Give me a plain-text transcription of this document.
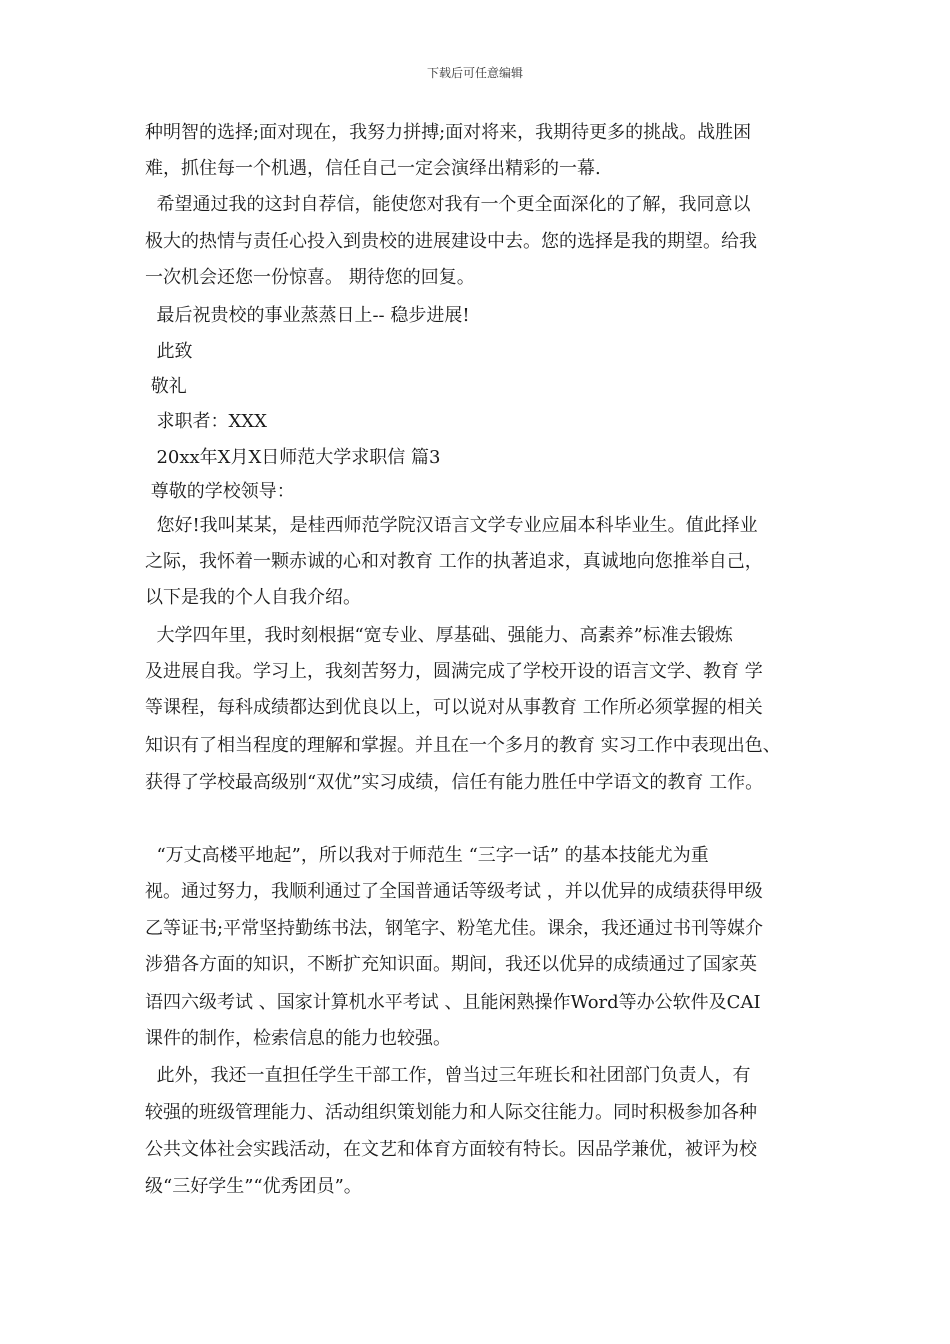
下载后可任意编辑
种明智的选择;面对现在，我努力拼搏;面对将来，我期待更多的挑战。战胜困
难，抓住每一个机遇，信任自己一定会演绎出精彩的一幕.
希望通过我的这封自荐信，能使您对我有一个更全面深化的了解，我同意以
极大的热情与责任心投入到贵校的进展建设中去。您的选择是我的期望。给我
一次机会还您一份惊喜。 期待您的回复。
最后祝贵校的事业蒸蒸日上-- 稳步进展!
此致
敬礼
求职者：XXX
20xx年X月X日师范大学求职信 篇3
尊敬的学校领导：
您好!我叫某某，是桂西师范学院汉语言文学专业应届本科毕业生。值此择业
之际，我怀着一颗赤诚的心和对教育 工作的执著追求，真诚地向您推举自己，
以下是我的个人自我介绍。
大学四年里，我时刻根据“宽专业、厚基础、强能力、高素养”标准去锻炼
及进展自我。学习上，我刻苦努力，圆满完成了学校开设的语言文学、教育 学
等课程，每科成绩都达到优良以上，可以说对从事教育 工作所必须掌握的相关
知识有了相当程度的理解和掌握。并且在一个多月的教育 实习工作中表现出色、
获得了学校最高级别“双优”实习成绩，信任有能力胜任中学语文的教育 工作。
“万丈高楼平地起”，所以我对于师范生 “三字一话” 的基本技能尤为重
视。通过努力，我顺利通过了全国普通话等级考试 ，并以优异的成绩获得甲级
乙等证书;平常坚持勤练书法，钢笔字、粉笔尤佳。课余，我还通过书刊等媒介
涉猎各方面的知识，不断扩充知识面。期间，我还以优异的成绩通过了国家英
语四六级考试 、国家计算机水平考试 、且能闲熟操作Word等办公软件及CAI
课件的制作，检索信息的能力也较强。
此外，我还一直担任学生干部工作，曾当过三年班长和社团部门负责人，有
较强的班级管理能力、活动组织策划能力和人际交往能力。同时积极参加各种
公共文体社会实践活动，在文艺和体育方面较有特长。因品学兼优，被评为校
级“三好学生”“优秀团员”。
